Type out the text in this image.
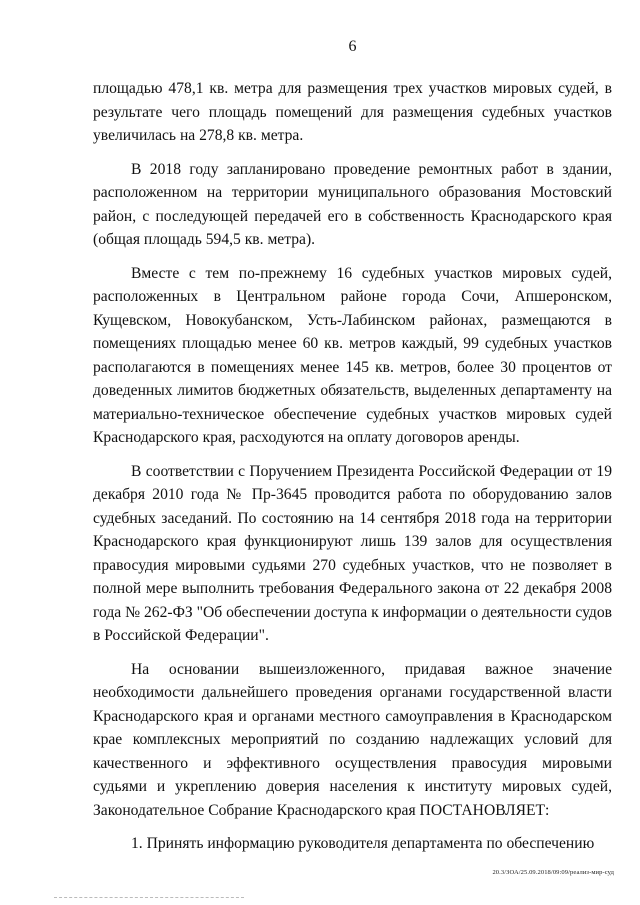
6

площадью 478,1 кв. метра для размещения трех участков мировых судей, в результате чего площадь помещений для размещения судебных участков увеличилась на 278,8 кв. метра.

В 2018 году запланировано проведение ремонтных работ в здании, расположенном на территории муниципального образования Мостовский район, с последующей передачей его в собственность Краснодарского края (общая площадь 594,5 кв. метра).

Вместе с тем по-прежнему 16 судебных участков мировых судей, расположенных в Центральном районе города Сочи, Апшеронском, Кущевском, Новокубанском, Усть-Лабинском районах, размещаются в помещениях площадью менее 60 кв. метров каждый, 99 судебных участков располагаются в помещениях менее 145 кв. метров, более 30 процентов от доведенных лимитов бюджетных обязательств, выделенных департаменту на материально-техническое обеспечение судебных участков мировых судей Краснодарского края, расходуются на оплату договоров аренды.

В соответствии с Поручением Президента Российской Федерации от 19 декабря 2010 года № Пр-3645 проводится работа по оборудованию залов судебных заседаний. По состоянию на 14 сентября 2018 года на территории Краснодарского края функционируют лишь 139 залов для осуществления правосудия мировыми судьями 270 судебных участков, что не позволяет в полной мере выполнить требования Федерального закона от 22 декабря 2008 года № 262-ФЗ "Об обеспечении доступа к информации о деятельности судов в Российской Федерации".

На основании вышеизложенного, придавая важное значение необходимости дальнейшего проведения органами государственной власти Краснодарского края и органами местного самоуправления в Краснодарском крае комплексных мероприятий по созданию надлежащих условий для качественного и эффективного осуществления правосудия мировыми судьями и укреплению доверия населения к институту мировых судей, Законодательное Собрание Краснодарского края ПОСТАНОВЛЯЕТ:

1. Принять информацию руководителя департамента по обеспечению

20.3/ЗОА/25.09.2018/09:09/реализ-мир-суд
